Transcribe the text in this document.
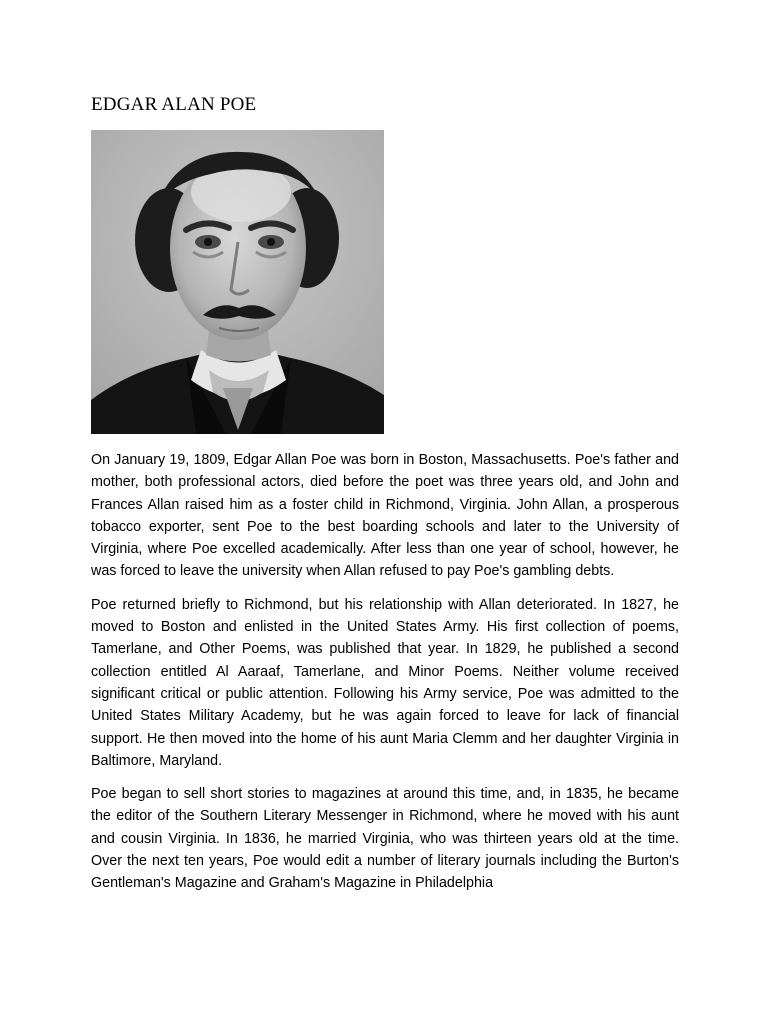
EDGAR ALAN POE

On January 19, 1809, Edgar Allan Poe was born in Boston, Massachusetts. Poe's father and mother, both professional actors, died before the poet was three years old, and John and Frances Allan raised him as a foster child in Richmond, Virginia. John Allan, a prosperous tobacco exporter, sent Poe to the best boarding schools and later to the University of Virginia, where Poe excelled academically. After less than one year of school, however, he was forced to leave the university when Allan refused to pay Poe's gambling debts.

Poe returned briefly to Richmond, but his relationship with Allan deteriorated. In 1827, he moved to Boston and enlisted in the United States Army. His first collection of poems, Tamerlane, and Other Poems, was published that year. In 1829, he published a second collection entitled Al Aaraaf, Tamerlane, and Minor Poems. Neither volume received significant critical or public attention. Following his Army service, Poe was admitted to the United States Military Academy, but he was again forced to leave for lack of financial support. He then moved into the home of his aunt Maria Clemm and her daughter Virginia in Baltimore, Maryland.

Poe began to sell short stories to magazines at around this time, and, in 1835, he became the editor of the Southern Literary Messenger in Richmond, where he moved with his aunt and cousin Virginia. In 1836, he married Virginia, who was thirteen years old at the time. Over the next ten years, Poe would edit a number of literary journals including the Burton's Gentleman's Magazine and Graham's Magazine in Philadelphia
